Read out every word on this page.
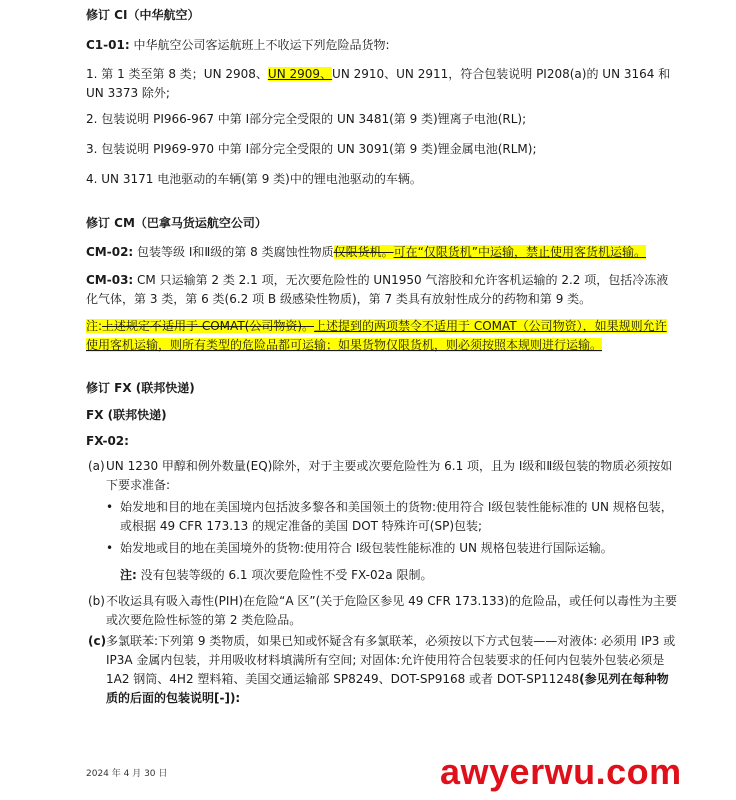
修订 CI（中华航空）

C1-01: 中华航空公司客运航班上不收运下列危险品货物:

1. 第 1 类至第 8 类；UN 2908、UN 2909、UN 2910、UN 2911，符合包装说明 PI208(a)的 UN 3164 和 UN 3373 除外;

2. 包装说明 PI966-967 中第 Ⅰ部分完全受限的 UN 3481(第 9 类)锂离子电池(RL);

3. 包装说明 PI969-970 中第 Ⅰ部分完全受限的 UN 3091(第 9 类)锂金属电池(RLM);

4. UN 3171 电池驱动的车辆(第 9 类)中的锂电池驱动的车辆。

修订 CM（巴拿马货运航空公司）

CM-02: 包装等级 Ⅰ和Ⅱ级的第 8 类腐蚀性物质仅限货机。可在“仅限货机”中运输，禁止使用客货机运输。

CM-03: CM 只运输第 2 类 2.1 项，无次要危险性的 UN1950 气溶胶和允许客机运输的 2.2 项，包括冷冻液化气体，第 3 类，第 6 类(6.2 项 B 级感染性物质)，第 7 类具有放射性成分的药物和第 9 类。

注:上述规定不适用于 COMAT(公司物资)。上述提到的两项禁令不适用于 COMAT（公司物资），如果规则允许使用客机运输，则所有类型的危险品都可运输；如果货物仅限货机，则必须按照本规则进行运输。

修订 FX (联邦快递)

FX (联邦快递)

FX-02:

(a) UN 1230 甲醇和例外数量(EQ)除外，对于主要或次要危险性为 6.1 项，且为 Ⅰ级和Ⅱ级包装的物质必须按如下要求准备:

• 始发地和目的地在美国境内包括波多黎各和美国领土的货物:使用符合 Ⅰ级包装性能标准的 UN 规格包装，或根据 49 CFR 173.13 的规定准备的美国 DOT 特殊许可(SP)包装;

• 始发地或目的地在美国境外的货物:使用符合 Ⅰ级包装性能标准的 UN 规格包装进行国际运输。

注: 没有包装等级的 6.1 项次要危险性不受 FX-02a 限制。

(b) 不收运具有吸入毒性(PIH)在危险“A 区”(关于危险区参见 49 CFR 173.133)的危险品，或任何以毒性为主要或次要危险性标签的第 2 类危险品。

(c) 多氯联苯:下列第 9 类物质，如果已知或怀疑含有多氯联苯，必须按以下方式包装——对液体: 必须用 IP3 或 IP3A 金属内包装，并用吸收材料填满所有空间; 对固体:允许使用符合包装要求的任何内包装外包装必须是 1A2 钢筒、4H2 塑料箱、美国交通运输部 SP8249、DOT-SP9168 或者 DOT-SP11248(参见列在每种物质的后面的包装说明[-]):

2024 年 4 月 30 日	awyerwu.com
